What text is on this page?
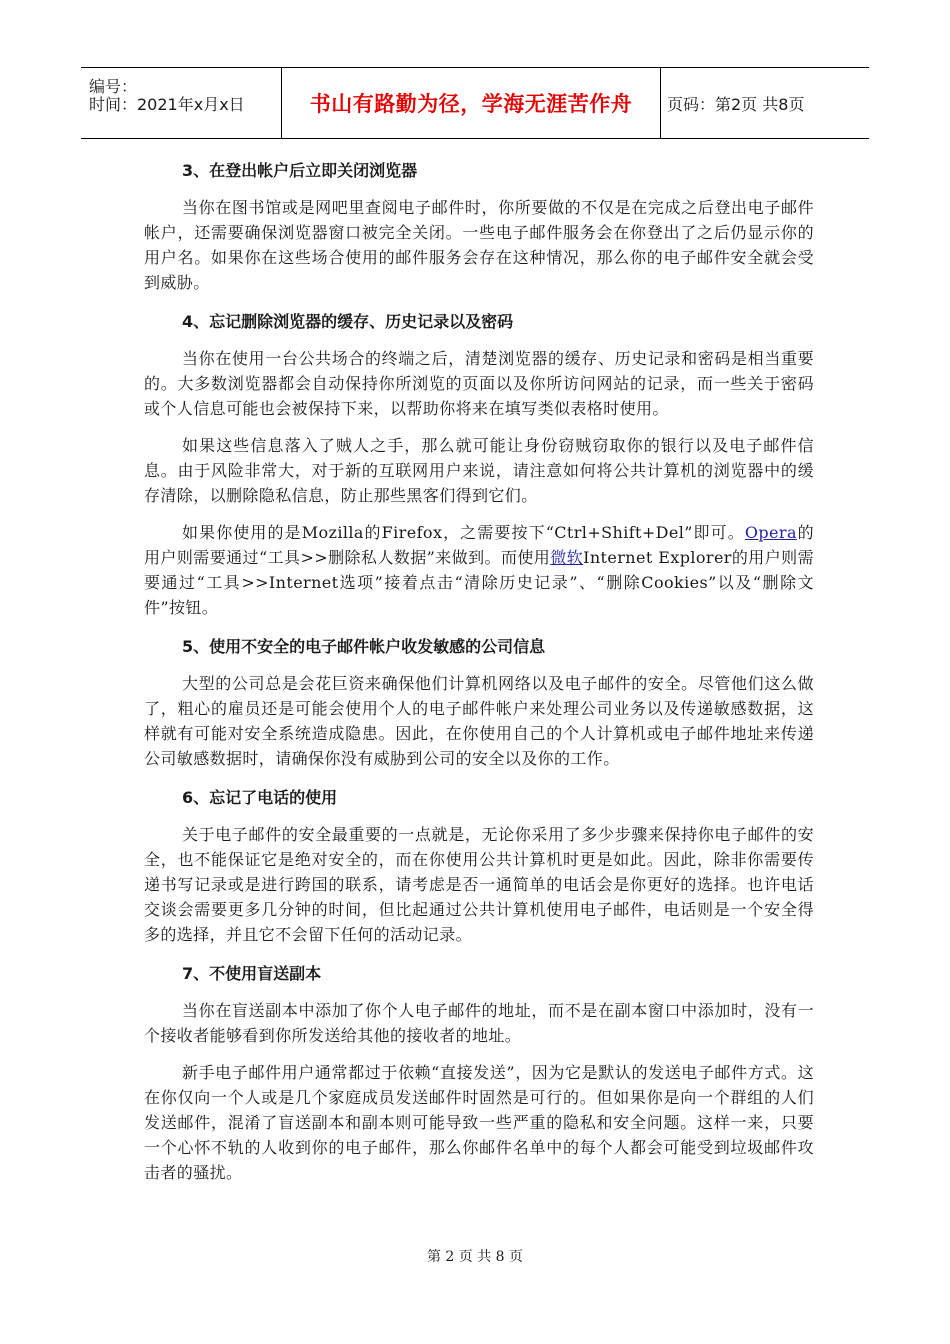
编号：
时间：2021年x月x日	书山有路勤为径，学海无涯苦作舟 页码：第2页 共8页
3、在登出帐户后立即关闭浏览器

当你在图书馆或是网吧里查阅电子邮件时，你所要做的不仅是在完成之后登出电子邮件帐户，还需要确保浏览器窗口被完全关闭。一些电子邮件服务会在你登出了之后仍显示你的用户名。如果你在这些场合使用的邮件服务会存在这种情况，那么你的电子邮件安全就会受到威胁。

4、忘记删除浏览器的缓存、历史记录以及密码

当你在使用一台公共场合的终端之后，清楚浏览器的缓存、历史记录和密码是相当重要的。大多数浏览器都会自动保持你所浏览的页面以及你所访问网站的记录，而一些关于密码或个人信息可能也会被保持下来，以帮助你将来在填写类似表格时使用。

如果这些信息落入了贼人之手，那么就可能让身份窃贼窃取你的银行以及电子邮件信息。由于风险非常大，对于新的互联网用户来说，请注意如何将公共计算机的浏览器中的缓存清除，以删除隐私信息，防止那些黑客们得到它们。

如果你使用的是Mozilla的Firefox，之需要按下“Ctrl+Shift+Del”即可。Opera的用户则需要通过“工具>>删除私人数据”来做到。而使用微软Internet Explorer的用户则需要通过“工具>>Internet选项”接着点击“清除历史记录”、“删除Cookies”以及“删除文件”按钮。

5、使用不安全的电子邮件帐户收发敏感的公司信息

大型的公司总是会花巨资来确保他们计算机网络以及电子邮件的安全。尽管他们这么做了，粗心的雇员还是可能会使用个人的电子邮件帐户来处理公司业务以及传递敏感数据，这样就有可能对安全系统造成隐患。因此，在你使用自己的个人计算机或电子邮件地址来传递公司敏感数据时，请确保你没有威胁到公司的安全以及你的工作。

6、忘记了电话的使用

关于电子邮件的安全最重要的一点就是，无论你采用了多少步骤来保持你电子邮件的安全，也不能保证它是绝对安全的，而在你使用公共计算机时更是如此。因此，除非你需要传递书写记录或是进行跨国的联系，请考虑是否一通简单的电话会是你更好的选择。也许电话交谈会需要更多几分钟的时间，但比起通过公共计算机使用电子邮件，电话则是一个安全得多的选择，并且它不会留下任何的活动记录。

7、不使用盲送副本

当你在盲送副本中添加了你个人电子邮件的地址，而不是在副本窗口中添加时，没有一个接收者能够看到你所发送给其他的接收者的地址。

新手电子邮件用户通常都过于依赖“直接发送”，因为它是默认的发送电子邮件方式。这在你仅向一个人或是几个家庭成员发送邮件时固然是可行的。但如果你是向一个群组的人们发送邮件，混淆了盲送副本和副本则可能导致一些严重的隐私和安全问题。这样一来，只要一个心怀不轨的人收到你的电子邮件，那么你邮件名单中的每个人都会可能受到垃圾邮件攻击者的骚扰。

第 2 页 共 8 页
